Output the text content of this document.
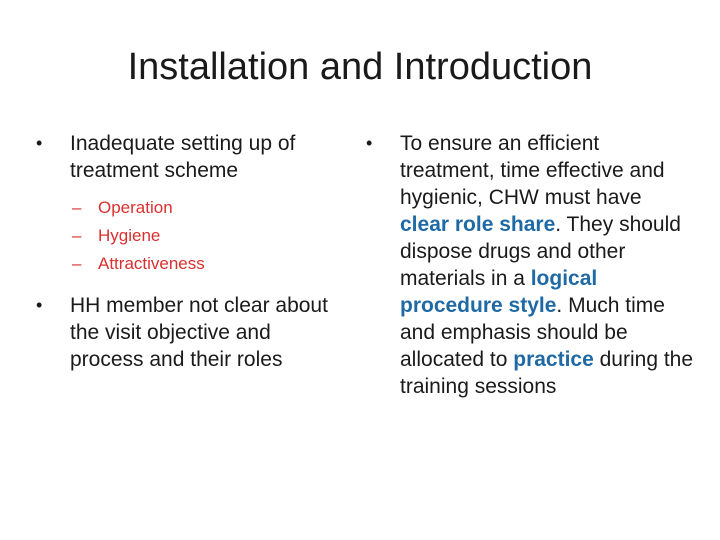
Installation and Introduction

•	Inadequate setting up of treatment scheme

– Operation
– Hygiene
– Attractiveness

•	HH member not clear about the visit objective and process and their roles

•	To ensure an efficient treatment, time effective and hygienic, CHW must have clear role share. They should dispose drugs and other materials in a logical procedure style. Much time and emphasis should be allocated to practice during the training sessions
